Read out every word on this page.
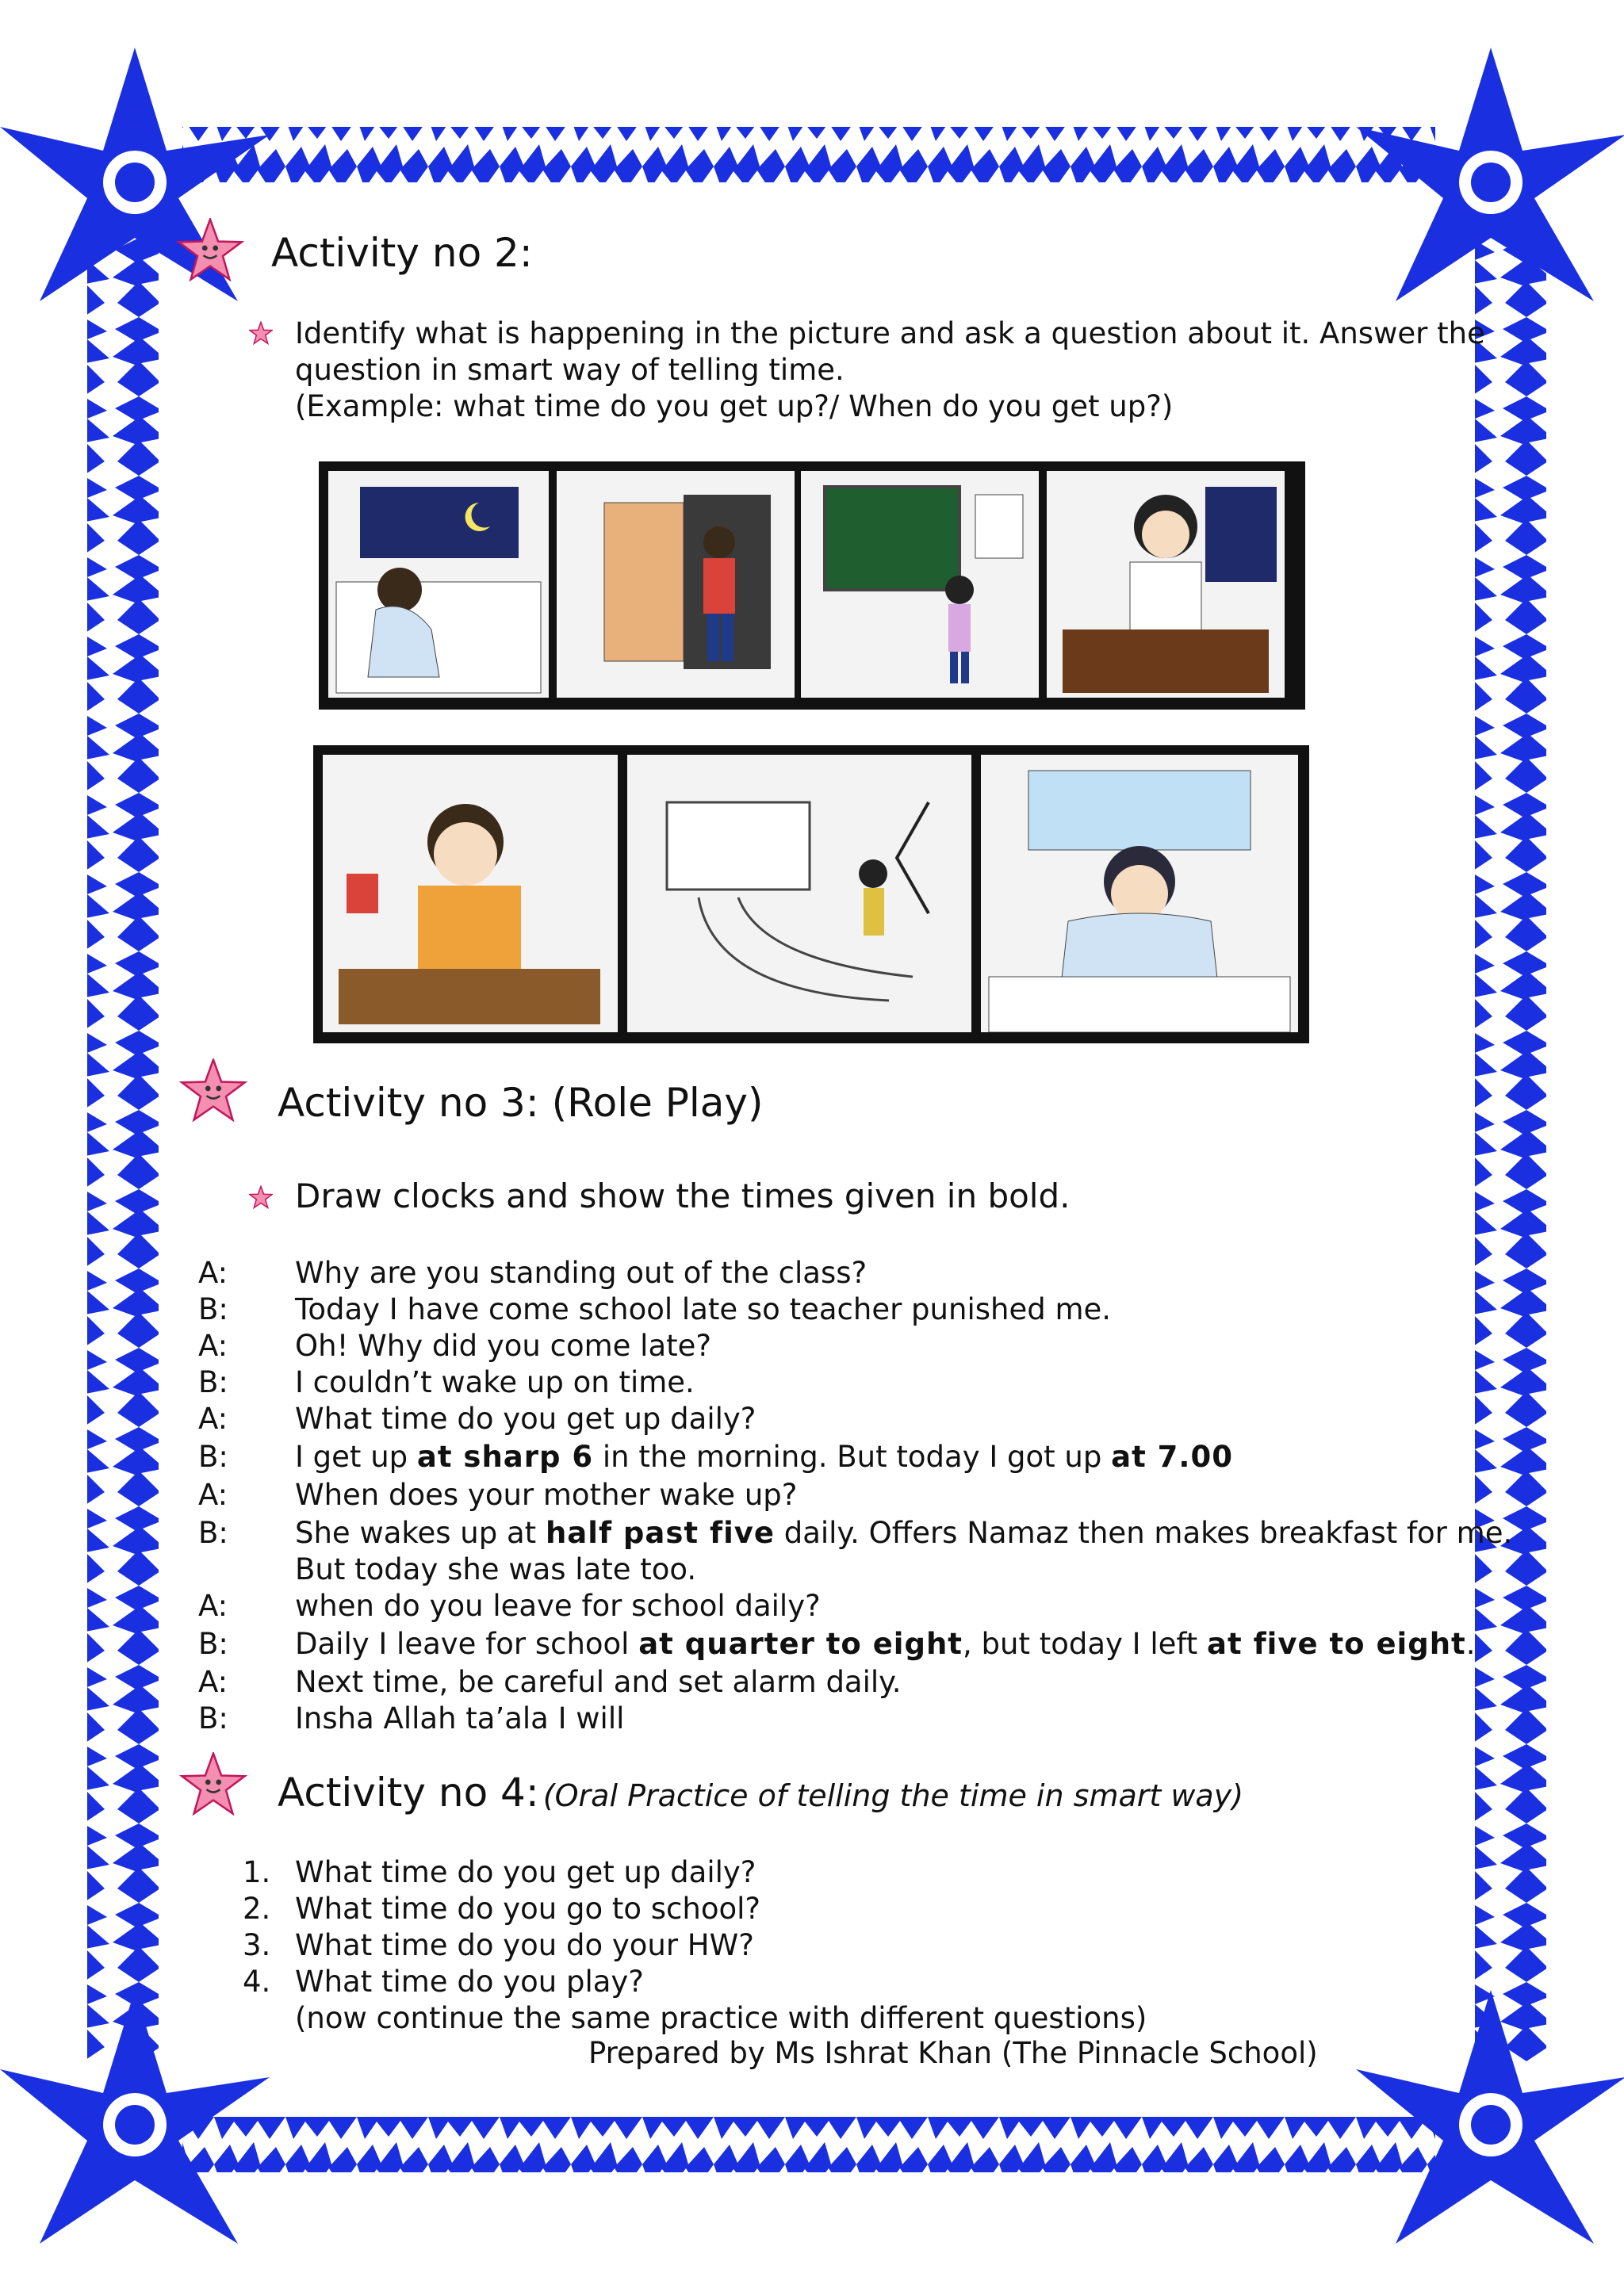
Activity no 2:
Identify what is happening in the picture and ask a question about it. Answer the
question in smart way of telling time.
(Example: what time do you get up?/ When do you get up?)
Activity no 3: (Role Play)
Draw clocks and show the times given in bold.
A:	Why are you standing out of the class?
B:	Today I have come school late so teacher punished me.
A:	Oh! Why did you come late?
B:	I couldn’t wake up on time.
A:	What time do you get up daily?
B:	I get up at sharp 6 in the morning. But today I got up at 7.00
A:	When does your mother wake up?
B:	She wakes up at half past five daily. Offers Namaz then makes breakfast for me.
But today she was late too.
A:	when do you leave for school daily?
B:	Daily I leave for school at quarter to eight, but today I left at five to eight.
A:	Next time, be careful and set alarm daily.
B:	Insha Allah ta’ala I will
Activity no 4: (Oral Practice of telling the time in smart way)
1. What time do you get up daily?
2. What time do you go to school?
3. What time do you do your HW?
4. What time do you play?
(now continue the same practice with different questions)
Prepared by Ms Ishrat Khan (The Pinnacle School)
